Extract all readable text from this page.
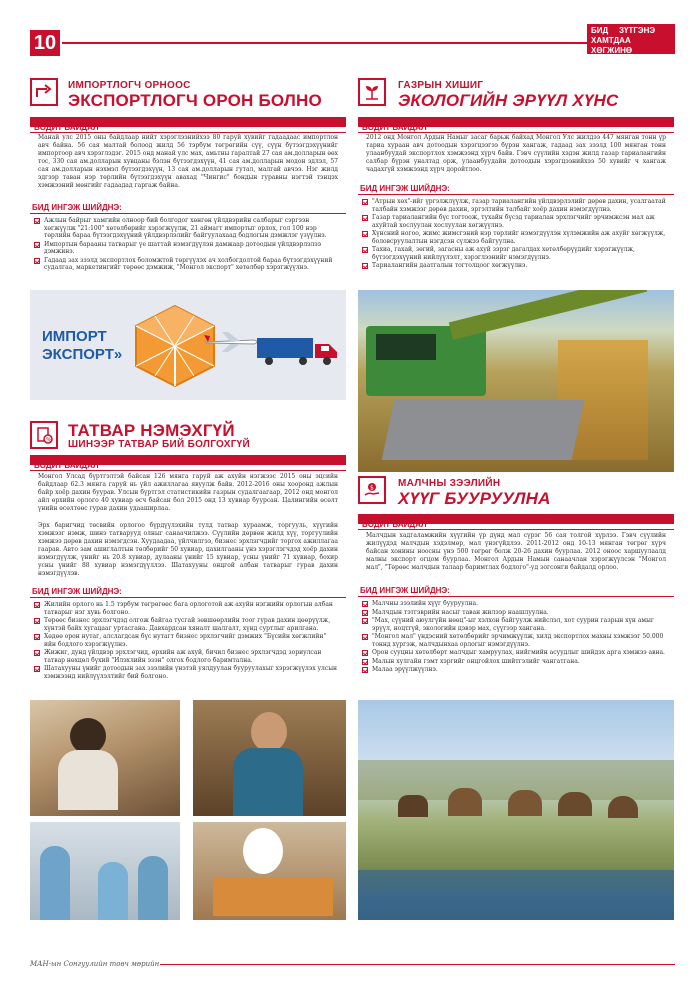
10
БИД ЗҮТГЭНЭ
ХАМТДААХӨГЖИНӨ
ИМПОРТЛОГЧ ОРНООС
ЭКСПОРТЛОГЧ ОРОН БОЛНО
БОДИТ БАЙДАЛ
Манай улс 2015 оны байдлаар нийт хэрэглээнийхээ 80 гаруй хувийг гадаадаас импортлон авч байна. 56 сая малтай болоод жилд 56 тэрбум төгрөгийн сүү, сүүн бүтээгдэхүүнийг импортоор авч хэрэглэдэг. 2015 онд манай улс мах, амьтны гаралтай 27 сая ам.долларын өөх тос, 330 сая ам.долларын хувцаны бэлэн бүтээгдэхүүн, 41 сая ам.долларын модон эдлэл, 57 сая ам.долларын нэхмэл бүтээгдэхүүн, 13 сая ам.долларын гутал, малгай авчээ. Нэг жилд эдгээр таван нэр төрлийн бүтээгдэхүүн авахад "Чингис" бондын гуравны нэгтэй тэнцэх хэмжээний мөнгийг гадаадад гаргаж байна.
БИД ИНГЭЖ ШИЙДНЭ:
Ажлын байрыг хамгийн олноор бий болгодог хөнгөн үйлдвэрийн салбарыг сэргээн хөгжүүлж "21:100" хөтөлбөрийг хэрэгжүүлж, 21 аймагт импортыг орлох, гол 100 нэр төрлийн бараа бүтээгдэхүүний үйлдвэрлэлийг байгуулахаад бодлогын дэмжлэг үзүүлнэ.
Импортын барааны татварыг үе шаттай нэмэгдүүлэн дамжаар дотоодын үйлдвэрлэлээ дэмжинэ.
Гадаад зах зээлд экспортлох боломжтой төргүүлэх ач холбогдолтой бараа бүтээгдэхүүний судалгаа, маркетингийг төрөөс дэмжиж, "Монгол экспорт" хөтөлбөр хэрэгжүүлнэ.
ИМПОРТ
ЭКСПОРТ»
% ТАТВАР НЭМЭХГҮЙ
ШИНЭЭР ТАТВАР БИЙ БОЛГОХГҮЙ
БОДИТ БАЙДАЛ
Монгол Улсад бүртгэлтэй байсан 126 мянга гаруй аж ахуйн нэгжээс 2015 оны эцсийн байдлаар 62.3 мянга гаруй нь үйл ажиллагаа явуулж байв. 2012-2016 оны хооронд ажлын байр хоёр дахин буурав. Улсын бүртгэл статистикийн газрын судалгаагаар, 2012 онд монгол айл өрхийн орлого 40 хувиар өсч байсан бол 2015 онд 13 хувиар буурсан. Цалингийн өсөлт үнийн өсөлтөөс гурав дахин удааширлаа.
Эрх баригчид төсвийн орлогоо бүрдүүлэхийн тулд татвар хураамж, торгууль, хүүгийн хэмжээг нэмж, шинэ татварууд олныг санаачилжээ. Сүүлийн дөрвөн жилд хүү, торгуулийн хэмжээ дөрөв дахин нэмэгдсэн. Хуудаадаа, үйлчилгээ, бизнес эрхлэгчдийг торгох ажиллагаа гаарав. Авто зам ашиглалтын төлбөрийг 50 хувиар, цахилгааны үнэ хэрэглэгчдэд хоёр дахин нэмэгдүүлж, үнийг нь 20.8 хувиар, дулааны үнийг 15 хувиар, усны үнийг 71 хувиар, бохир усны үнийг 88 хувиар нэмэгдүүллээ. Шатахууны онцгой албан татварыг гурав дахин нэмэгдүүлэв.
БИД ИНГЭЖ ШИЙДНЭ:
Жилийн орлого нь 1.5 тэрбум төгрөгөөс бага орлоготой аж ахуйн нэгжийн орлогын албан татварыг нэг хувь болгоно.
Төрөөс бизнес эрхлэгчдэд олгож байгаа тусгай зөвшөөрлийн тоог гурав дахин цөөрүүлж, хүнтэй байх хугацааг уртасгана. Давхардсан хяналт шалгалт, хүнд суртлыг арилгана.
Хөдөө орон нутаг, алслагдсан бүс нутагт бизнес эрхлэгчийг дэмжих "Бүсийн хөгжлийн" ийн бодлого хэрэгжүүлнэ.
Жижиг, дунд үйлдвэр эрхлэгчид, өрхийн аж ахуй, бичил бизнес эрхлэгчдэд зориулсан татвар нөхцөл бүхий "Илэхлийн эзэн" олгох бодлого баримтална.
Шатахууны үнийг дотоодын зах зээлийн үнэтэй уялдуулан бууруулахыг хэрэгжүүлэх улсын хэмжээнд нийлүүлэлтийг бий болгоно.
ГАЗРЫН ХИШИГ
ЭКОЛОГИЙН ЭРҮҮЛ ХҮНС
БОДИТ БАЙДАЛ
2012 онд Монгол Ардын Намыг засаг барьж байхад Монгол Улс жилдээ 447 мянган тонн үр тариа хураан авч дотоодын хэрэгцээгээ бүрэн хангаж, гадаад зах зээлд 100 мянган тонн улаанбуудай экспортлох хэмжээнд хүрч байв. Гэвч сүүлийн хэдэн жилд газар тариалангийн салбар бүрэн уналтад орж, улаанбуудайн дотоодын хэрэгцээнийхээ 50 хувийг ч хангаж чадахгүй хэмжээнд хүрч доройтлоо.
БИД ИНГЭЖ ШИЙДНЭ:
"Атрын хөх"-ийг үргэлжлүүлж, газар тариалангийн үйлдвэрлэлийг дөрөв дахин, усалгаатай талбайн хэмжээг дөрөв дахин, эргэлтийн талбайг хоёр дахин нэмэгдүүлнэ.
Газар тариалангийн бүс тогтоож, тухайн бүсэд тариалан эрхлэгчийг эрчимжсэн мал аж ахуйтай хослуулан хослуулан хөгжүүлнэ.
Хүнсний ногоо, жимс жимсгэний нэр төрлийг нэмэгдүүлэн хүлэмжийн аж ахуйг хөгжүүлж, боловсруулалтын нэгдсэн сүлжээ байгуулна.
Тахиа, гахай, зөгий, загасны аж ахуй зэрэг дагалдах хөтөлбөрүүдийг хэрэгжүүлж, бүтээгдэхүүний нийлүүлэлт, хэрэглээнийг нэмэгдүүлнэ.
Тариалангийн даатгалын тогтолцоог хөгжүүлнэ.
$ МАЛЧНЫ ЗЭЭЛИЙН
ХҮҮГ БУУРУУЛНА
БОДИТ БАЙДАЛ
Малчдын хадгаламжийн хүүгийн үр дүнд мал сүрэг 56 сая толгой хүрлээ. Гэвч сүүлийн жилүүдэд малчдын хэдэлмөр, мал үнэгүйдлээ. 2011-2012 онд 10-13 мянган төгрөг хүрч байсан хонины ноосны үнэ 500 төгрөг болж 20-26 дахин буурлаа. 2012 оноос харшуулаалд малны экспорт огцом буурлаа. Монгол Ардын Намын санаачлан хэрэгжүүлсэн "Монгол мал", "Төрөөс малчдын талаар баримтлах бодлого"-уд зогсонги байдалд орлоо.
БИД ИНГЭЖ ШИЙДНЭ:
Малчны зээлийн хүүг бууруулна.
Малчдын тэтгэврийн насыг таван жилээр наашлуулна.
"Мах, сүүний аюулгүйн нөөц"-ыг хэлхон байгуулж нийслэл, хот суурин газрын хүн амыг эрүүл, ноцтгүй, экологийн цэвэр мах, сүүгээр хангана.
"Монгол мал" үндэсний хөтөлбөрийг эрчимжүүлж, хилд экспортлох махны хэмжээг 50.000 тоннд хүргэж, малчдынхаа орлогыг нэмэгдүүлнэ.
Орон сууцны хөтөлбөрт малчдыг хамруулах, нийгмийн асуудлыг шийдэх арга хэмжээ авна.
Малын хулгайн гэмт хэргийг онцгойлох шийтгэлийг чангатгана.
Малаа эрүүлжүүлнэ.
МАН-ын Сонгуулийн товч мөрийн
